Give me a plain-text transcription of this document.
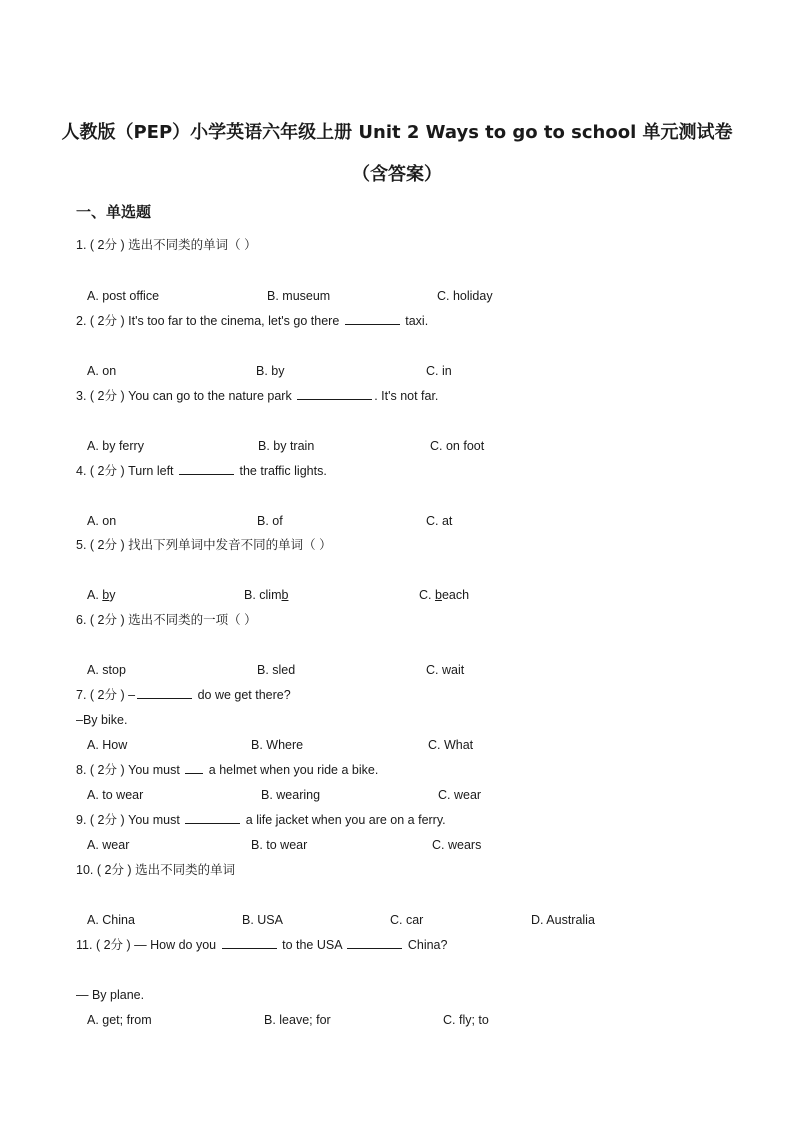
人教版（PEP）小学英语六年级上册 Unit 2 Ways to go to school 单元测试卷（含答案）
一、单选题
1. ( 2分 ) 选出不同类的单词（ ）
A. post office	B. museum	C. holiday
2. ( 2分 ) It's too far to the cinema, let's go there	taxi.
A. on	B. by	C. in
3. ( 2分 ) You can go to the nature park	. It's not far.
A. by ferry	B. by train	C. on foot
4. ( 2分 ) Turn left	the traffic lights.
A. on	B. of	C. at
5. ( 2分 ) 找出下列单词中发音不同的单词（ ）
A. by	B. climb	C. beach
6. ( 2分 ) 选出不同类的一项（ ）
A. stop	B. sled	C. wait
7. ( 2分 ) –	do we get there?
–By bike.
A. How	B. Where	C. What
8. ( 2分 ) You must a helmet when you ride a bike.
A. to wear	B. wearing	C. wear
9. ( 2分 ) You must	a life jacket when you are on a ferry.
A. wear	B. to wear	C. wears
10. ( 2分 ) 选出不同类的单词
A. China	B. USA	C. car	D. Australia
11. ( 2分 ) — How do you	to the USA	China?
— By plane.
A. get; from	B. leave; for	C. fly; to
